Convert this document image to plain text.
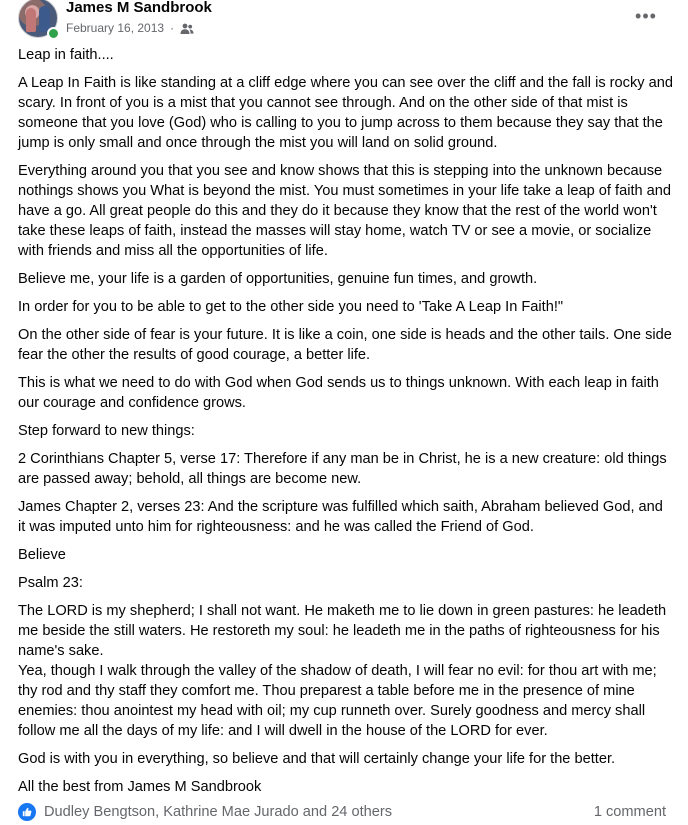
James M Sandbrook
February 16, 2013 ·
•••

Leap in faith....

A Leap In Faith is like standing at a cliff edge where you can see over the cliff and the fall is rocky and scary. In front of you is a mist that you cannot see through. And on the other side of that mist is someone that you love (God) who is calling to you to jump across to them because they say that the jump is only small and once through the mist you will land on solid ground.

Everything around you that you see and know shows that this is stepping into the unknown because nothings shows you What is beyond the mist. You must sometimes in your life take a leap of faith and have a go. All great people do this and they do it because they know that the rest of the world won't take these leaps of faith, instead the masses will stay home, watch TV or see a movie, or socialize with friends and miss all the opportunities of life.

Believe me, your life is a garden of opportunities, genuine fun times, and growth.

In order for you to be able to get to the other side you need to 'Take A Leap In Faith!"

On the other side of fear is your future. It is like a coin, one side is heads and the other tails. One side fear the other the results of good courage, a better life.

This is what we need to do with God when God sends us to things unknown. With each leap in faith our courage and confidence grows.

Step forward to new things:

2 Corinthians Chapter 5, verse 17: Therefore if any man be in Christ, he is a new creature: old things are passed away; behold, all things are become new.

James Chapter 2, verses 23: And the scripture was fulfilled which saith, Abraham believed God, and it was imputed unto him for righteousness: and he was called the Friend of God.

Believe

Psalm 23:

The LORD is my shepherd; I shall not want. He maketh me to lie down in green pastures: he leadeth me beside the still waters. He restoreth my soul: he leadeth me in the paths of righteousness for his name's sake.

Yea, though I walk through the valley of the shadow of death, I will fear no evil: for thou art with me; thy rod and thy staff they comfort me. Thou preparest a table before me in the presence of mine enemies: thou anointest my head with oil; my cup runneth over. Surely goodness and mercy shall follow me all the days of my life: and I will dwell in the house of the LORD for ever.

God is with you in everything, so believe and that will certainly change your life for the better.

All the best from James M Sandbrook

Dudley Bengtson, Kathrine Mae Jurado and 24 others	1 comment
